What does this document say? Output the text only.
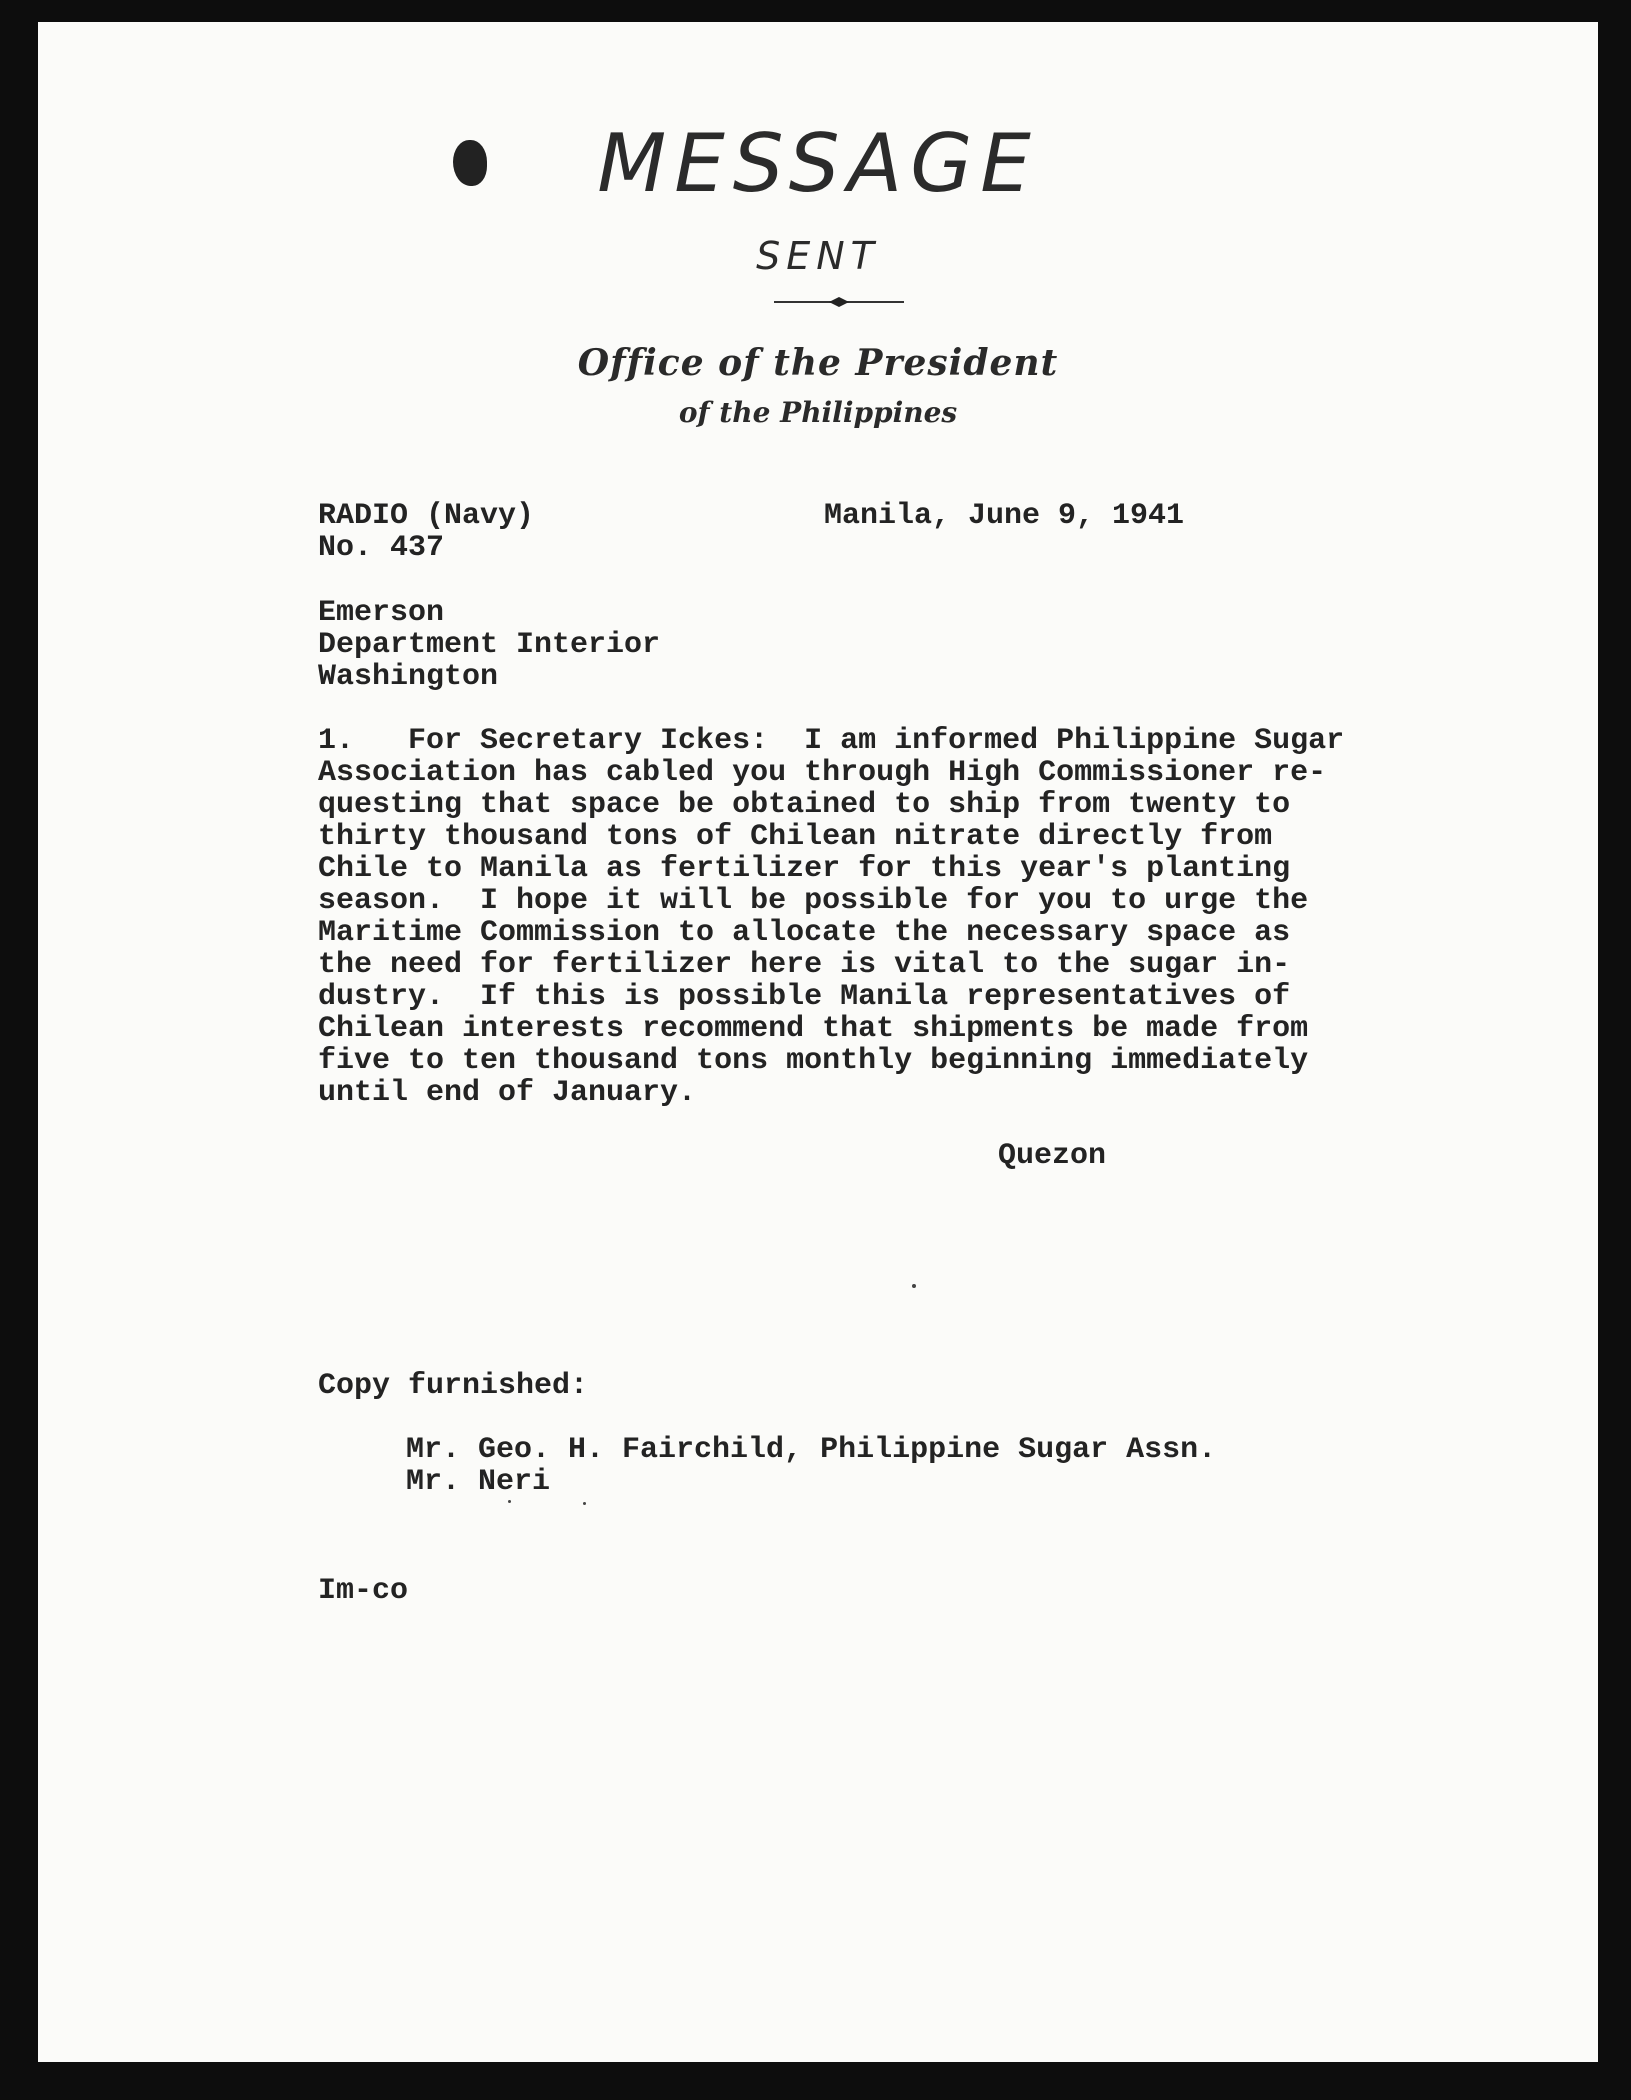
MESSAGE
SENT
Office of the President
of the Philippines
RADIO (Navy)
No. 437
Manila, June 9, 1941
Emerson
Department Interior
Washington
1.   For Secretary Ickes:  I am informed Philippine Sugar
Association has cabled you through High Commissioner re-
questing that space be obtained to ship from twenty to
thirty thousand tons of Chilean nitrate directly from
Chile to Manila as fertilizer for this year's planting
season.  I hope it will be possible for you to urge the
Maritime Commission to allocate the necessary space as
the need for fertilizer here is vital to the sugar in-
dustry.  If this is possible Manila representatives of
Chilean interests recommend that shipments be made from
five to ten thousand tons monthly beginning immediately
until end of January.
Quezon
Copy furnished:
Mr. Geo. H. Fairchild, Philippine Sugar Assn.
Mr. Neri
Im-co
